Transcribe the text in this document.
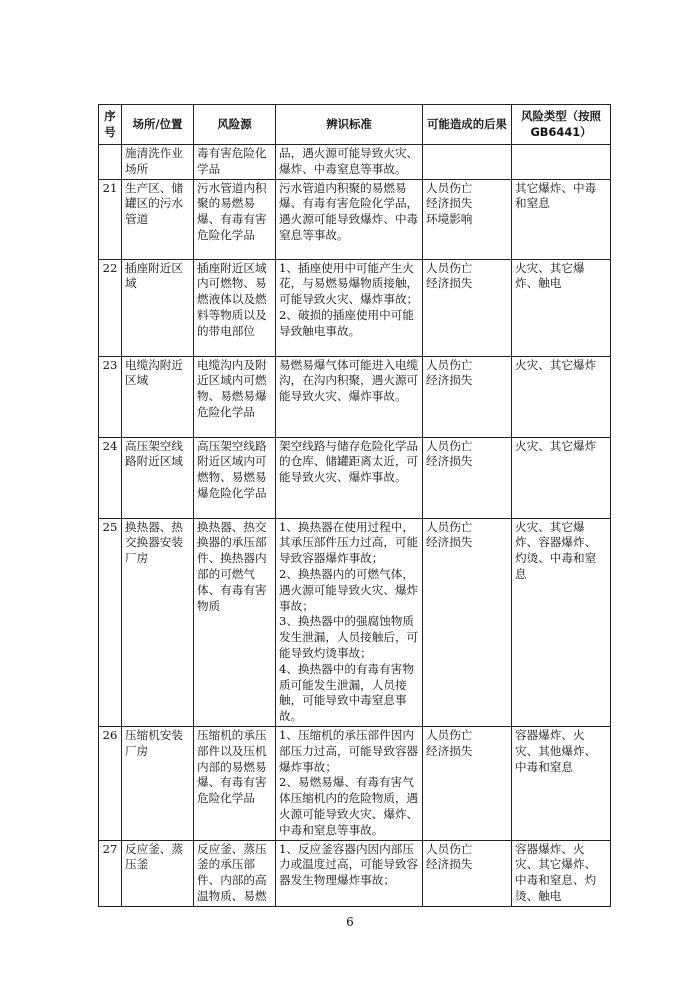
序号	场所/位置	风险源	辨识标准	可能造成的后果	风险类型（按照GB6441）
	施清洗作业场所	毒有害危险化学品	品，遇火源可能导致火灾、爆炸、中毒窒息等事故。		
21	生产区、储罐区的污水管道	污水管道内积聚的易燃易爆、有毒有害危险化学品	污水管道内积聚的易燃易爆、有毒有害危险化学品，遇火源可能导致爆炸、中毒窒息等事故。	人员伤亡
经济损失
环境影响	其它爆炸、中毒和窒息
22	插座附近区域	插座附近区域内可燃物、易燃液体以及燃料等物质以及的带电部位	1、插座使用中可能产生火花，与易燃易爆物质接触，可能导致火灾、爆炸事故；
2、破损的插座使用中可能导致触电事故。	人员伤亡
经济损失	火灾、其它爆炸、触电
23	电缆沟附近区域	电缆沟内及附近区域内可燃物、易燃易爆危险化学品	易燃易爆气体可能进入电缆沟，在沟内积聚，遇火源可能导致火灾、爆炸事故。	人员伤亡
经济损失	火灾、其它爆炸
24	高压架空线路附近区域	高压架空线路附近区域内可燃物、易燃易爆危险化学品	架空线路与储存危险化学品的仓库、储罐距离太近，可能导致火灾、爆炸事故。	人员伤亡
经济损失	火灾、其它爆炸
25	换热器、热交换器安装厂房	换热器、热交换器的承压部件、换热器内部的可燃气体、有毒有害物质	1、换热器在使用过程中，其承压部件压力过高，可能导致容器爆炸事故；
2、换热器内的可燃气体，遇火源可能导致火灾、爆炸事故；
3、换热器中的强腐蚀物质发生泄漏，人员接触后，可能导致灼烫事故；
4、换热器中的有毒有害物质可能发生泄漏，人员接触，可能导致中毒窒息事故。	人员伤亡
经济损失	火灾、其它爆炸、容器爆炸、灼烫、中毒和窒息
26	压缩机安装厂房	压缩机的承压部件以及压机内部的易燃易爆、有毒有害危险化学品	1、压缩机的承压部件因内部压力过高，可能导致容器爆炸事故；
2、易燃易爆、有毒有害气体压缩机内的危险物质，遇火源可能导致火灾、爆炸、中毒和窒息等事故。	人员伤亡
经济损失	容器爆炸、火灾、其他爆炸、中毒和窒息
27	反应釜、蒸压釜	反应釜、蒸压釜的承压部件、内部的高温物质、易燃	1、反应釜容器内因内部压力或温度过高，可能导致容器发生物理爆炸事故；	人员伤亡
经济损失	容器爆炸、火灾、其它爆炸、中毒和窒息、灼烫、触电
6
